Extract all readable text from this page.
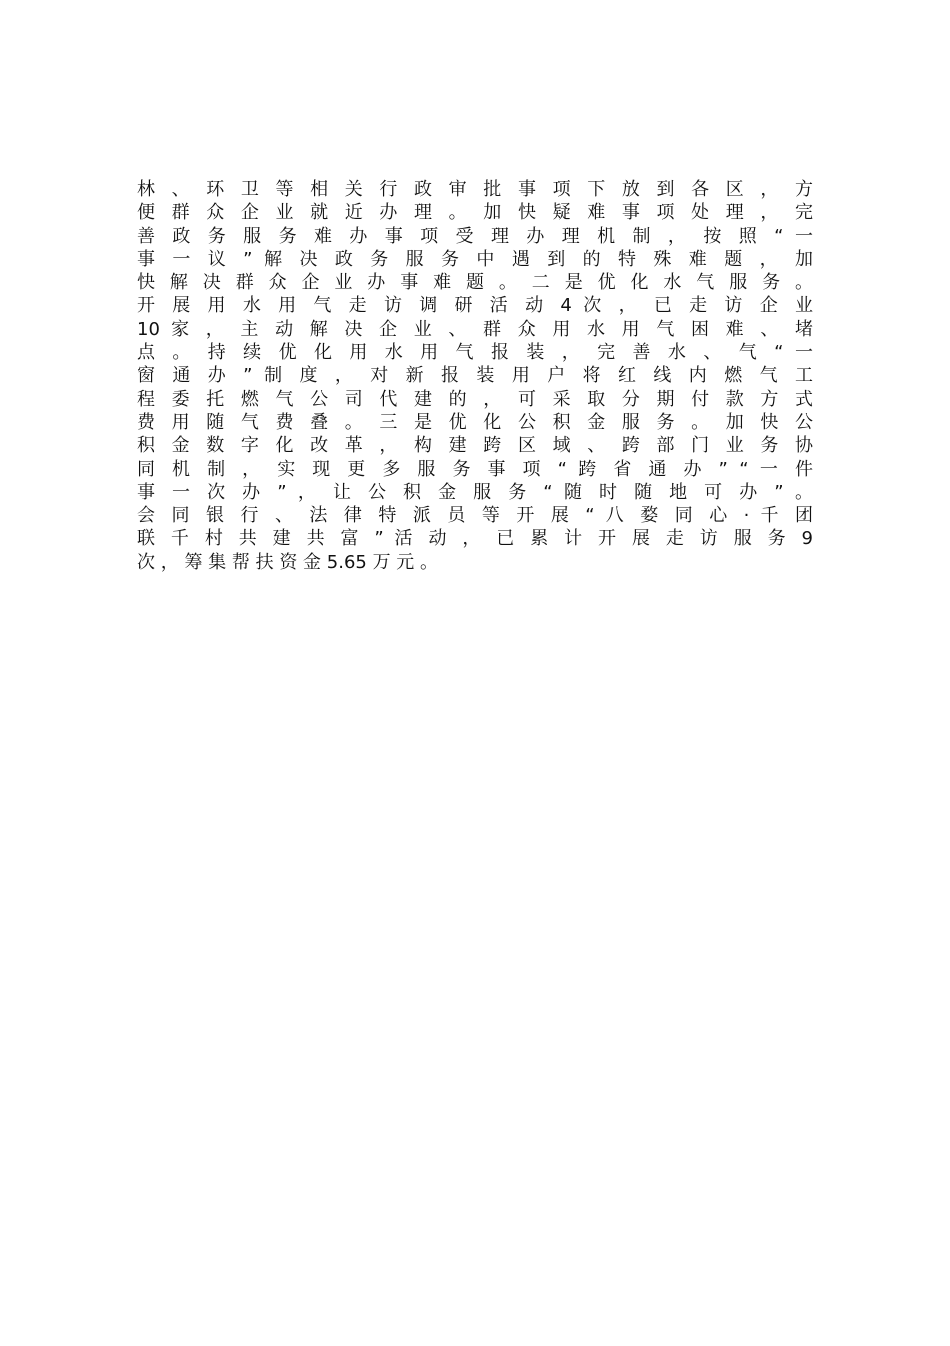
林 、 环 卫 等 相 关 行 政 审 批 事 项 下 放 到 各 区 ， 方
便 群 众 企 业 就 近 办 理 。 加 快 疑 难 事 项 处 理 ， 完
善 政 务 服 务 难 办 事 项 受 理 办 理 机 制 ， 按 照 “ 一
事 一 议 ” 解 决 政 务 服 务 中 遇 到 的 特 殊 难 题 ， 加
快 解 决 群 众 企 业 办 事 难 题 。 二 是 优 化 水 气 服 务 。
开 展 用 水 用 气 走 访 调 研 活 动 4 次 ， 已 走 访 企 业
10 家 ， 主 动 解 决 企 业 、 群 众 用 水 用 气 困 难 、 堵
点 。 持 续 优 化 用 水 用 气 报 装 ， 完 善 水 、 气 “ 一
窗 通 办 ” 制 度 ， 对 新 报 装 用 户 将 红 线 内 燃 气 工
程 委 托 燃 气 公 司 代 建 的 ， 可 采 取 分 期 付 款 方 式
费 用 随 气 费 叠 。 三 是 优 化 公 积 金 服 务 。 加 快 公
积 金 数 字 化 改 革 ， 构 建 跨 区 域 、 跨 部 门 业 务 协
同 机 制 ， 实 现 更 多 服 务 事 项 “ 跨 省 通 办 ” “ 一 件
事 一 次 办 ” ， 让 公 积 金 服 务 “ 随 时 随 地 可 办 ” 。
会 同 银 行 、 法 律 特 派 员 等 开 展 “ 八 婺 同 心 · 千 团
联 千 村 共 建 共 富 ” 活 动 ， 已 累 计 开 展 走 访 服 务 9
次 ， 筹 集 帮 扶 资 金 5.65 万 元 。
